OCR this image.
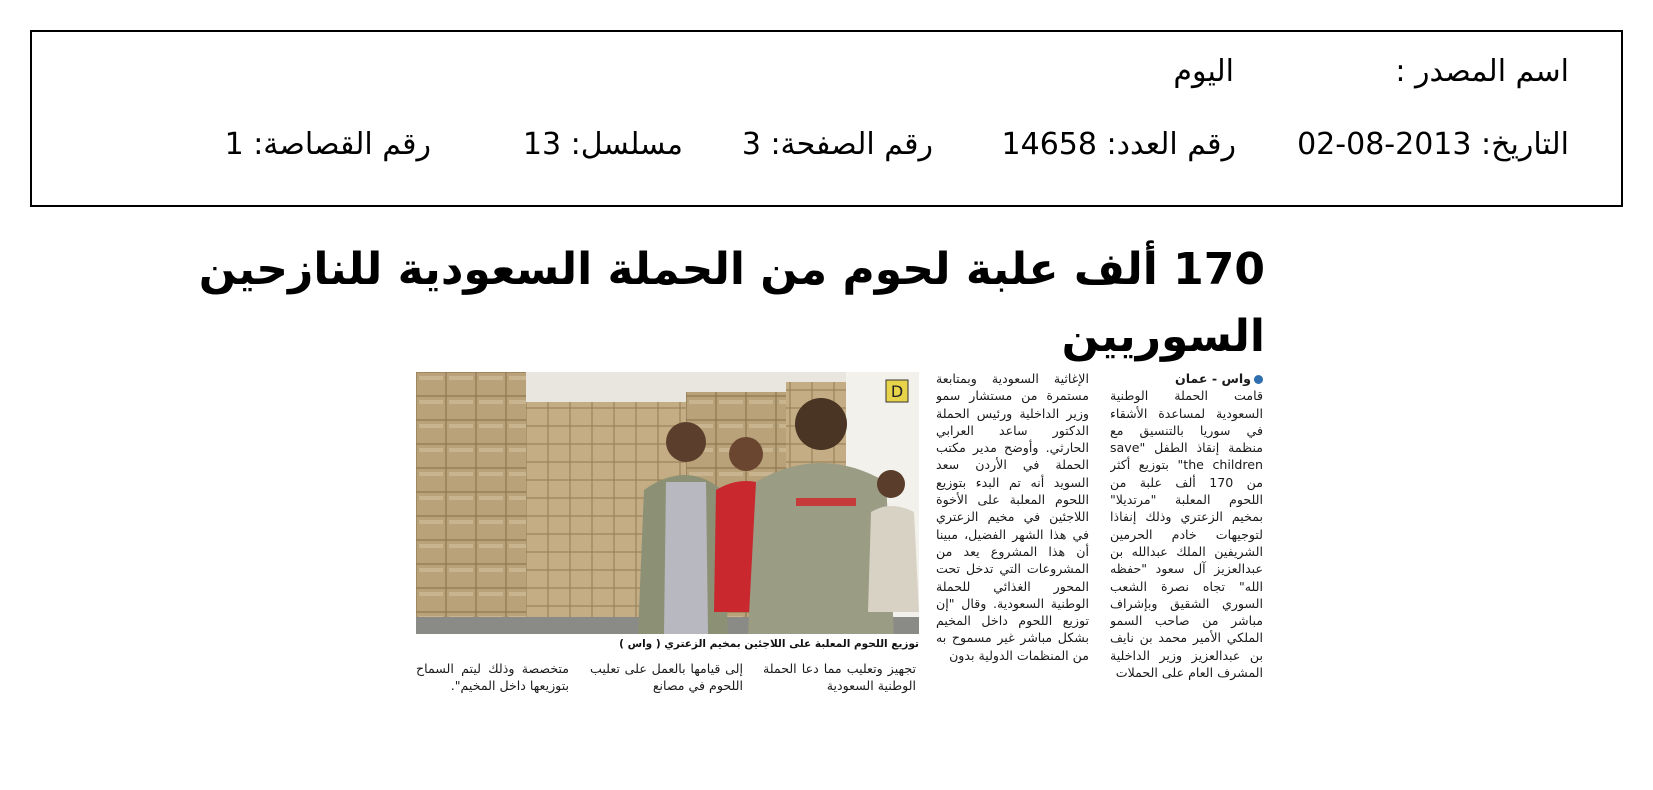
اسم المصدر :
اليوم
التاريخ: 2013-08-02
رقم العدد: 14658
رقم الصفحة: 3
مسلسل: 13
رقم القصاصة: 1
170 ألف علبة لحوم من الحملة السعودية للنازحين
السوريين
واس - عمان
قامت الحملة الوطنية السعودية لمساعدة الأشقاء في سوريا بالتنسيق مع منظمة إنقاذ الطفل "save the children" بتوزيع أكثر من 170 ألف علبة من اللحوم المعلبة "مرتديلا" بمخيم الزعتري وذلك إنفاذا لتوجيهات خادم الحرمين الشريفين الملك عبدالله بن عبدالعزيز آل سعود "حفظه الله" تجاه نصرة الشعب السوري الشقيق وبإشراف مباشر من صاحب السمو الملكي الأمير محمد بن نايف بن عبدالعزيز وزير الداخلية المشرف العام على الحملات
الإغاثية السعودية وبمتابعة مستمرة من مستشار سمو وزير الداخلية ورئيس الحملة الدكتور ساعد العرابي الحارثي. وأوضح مدير مكتب الحملة في الأردن سعد السويد أنه تم البدء بتوزيع اللحوم المعلبة على الأخوة اللاجئين في مخيم الزعتري في هذا الشهر الفضيل، مبينا أن هذا المشروع يعد من المشروعات التي تدخل تحت المحور الغذائي للحملة الوطنية السعودية. وقال "إن توزيع اللحوم داخل المخيم بشكل مباشر غير مسموح به من المنظمات الدولية بدون
D
توزيع اللحوم المعلبة على اللاجئين بمخيم الزعتري ( واس )
تجهيز وتعليب مما دعا الحملة الوطنية السعودية
إلى قيامها بالعمل على تعليب اللحوم في مصانع
متخصصة وذلك ليتم السماح بتوزيعها داخل المخيم".
